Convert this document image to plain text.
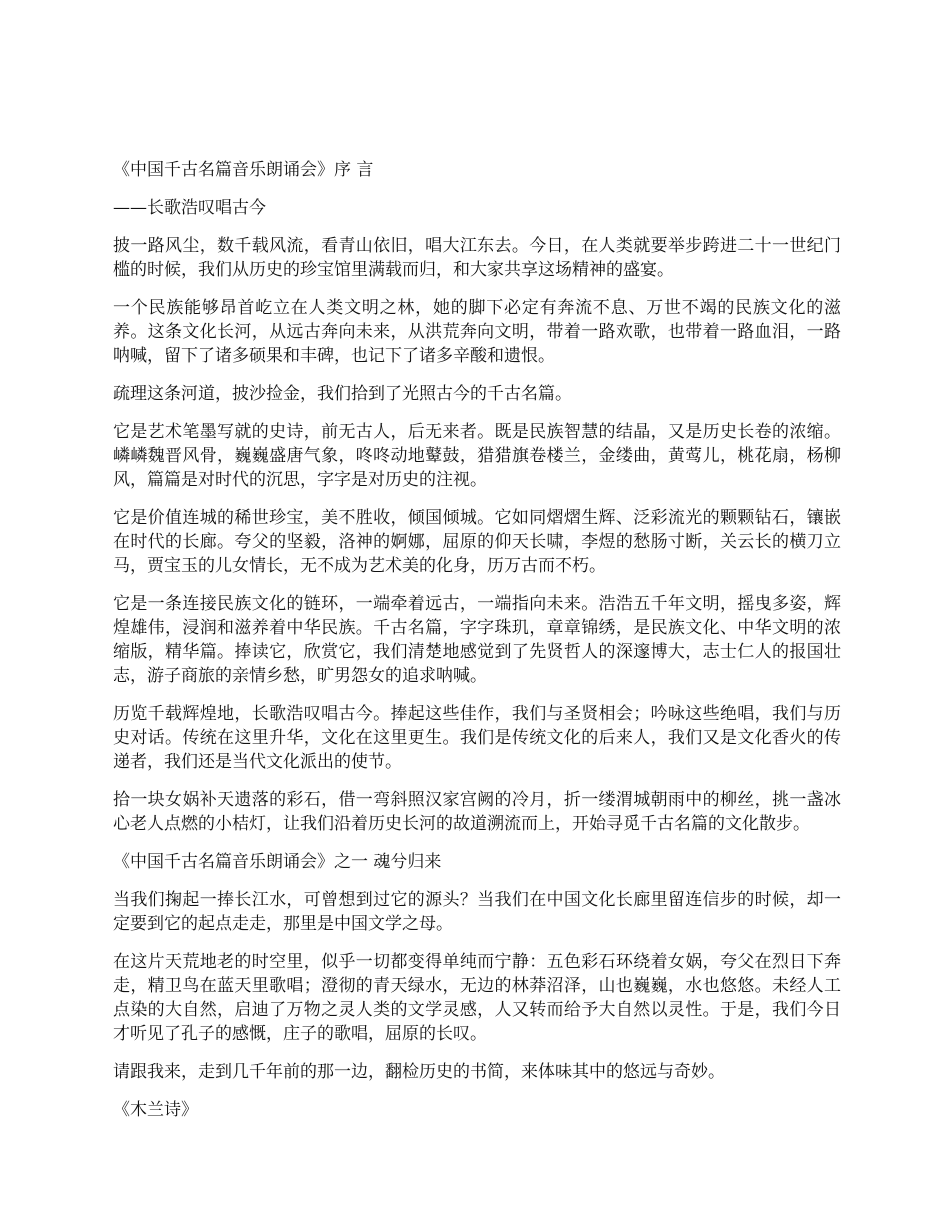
《中国千古名篇音乐朗诵会》序 言

——长歌浩叹唱古今

披一路风尘，数千载风流，看青山依旧，唱大江东去。今日，在人类就要举步跨进二十一世纪门槛的时候，我们从历史的珍宝馆里满载而归，和大家共享这场精神的盛宴。

一个民族能够昂首屹立在人类文明之林，她的脚下必定有奔流不息、万世不竭的民族文化的滋养。这条文化长河，从远古奔向未来，从洪荒奔向文明，带着一路欢歌，也带着一路血泪，一路呐喊，留下了诸多硕果和丰碑，也记下了诸多辛酸和遗恨。

疏理这条河道，披沙捡金，我们拾到了光照古今的千古名篇。

它是艺术笔墨写就的史诗，前无古人，后无来者。既是民族智慧的结晶，又是历史长卷的浓缩。嶙嶙魏晋风骨，巍巍盛唐气象，咚咚动地鼙鼓，猎猎旗卷楼兰，金缕曲，黄莺儿，桃花扇，杨柳风，篇篇是对时代的沉思，字字是对历史的注视。

它是价值连城的稀世珍宝，美不胜收，倾国倾城。它如同熠熠生辉、泛彩流光的颗颗钻石，镶嵌在时代的长廊。夸父的坚毅，洛神的婀娜，屈原的仰天长啸，李煜的愁肠寸断，关云长的横刀立马，贾宝玉的儿女情长，无不成为艺术美的化身，历万古而不朽。

它是一条连接民族文化的链环，一端牵着远古，一端指向未来。浩浩五千年文明，摇曳多姿，辉煌雄伟，浸润和滋养着中华民族。千古名篇，字字珠玑，章章锦绣，是民族文化、中华文明的浓缩版，精华篇。捧读它，欣赏它，我们清楚地感觉到了先贤哲人的深邃博大，志士仁人的报国壮志，游子商旅的亲情乡愁，旷男怨女的追求呐喊。

历览千载辉煌地，长歌浩叹唱古今。捧起这些佳作，我们与圣贤相会；吟咏这些绝唱，我们与历史对话。传统在这里升华，文化在这里更生。我们是传统文化的后来人，我们又是文化香火的传递者，我们还是当代文化派出的使节。

拾一块女娲补天遗落的彩石，借一弯斜照汉家宫阙的冷月，折一缕渭城朝雨中的柳丝，挑一盏冰心老人点燃的小桔灯，让我们沿着历史长河的故道溯流而上，开始寻觅千古名篇的文化散步。

《中国千古名篇音乐朗诵会》之一 魂兮归来

当我们掬起一捧长江水，可曾想到过它的源头？当我们在中国文化长廊里留连信步的时候，却一定要到它的起点走走，那里是中国文学之母。

在这片天荒地老的时空里，似乎一切都变得单纯而宁静：五色彩石环绕着女娲，夸父在烈日下奔走，精卫鸟在蓝天里歌唱；澄彻的青天绿水，无边的林莽沼泽，山也巍巍，水也悠悠。未经人工点染的大自然，启迪了万物之灵人类的文学灵感，人又转而给予大自然以灵性。于是，我们今日才听见了孔子的感慨，庄子的歌唱，屈原的长叹。

请跟我来，走到几千年前的那一边，翻检历史的书简，来体味其中的悠远与奇妙。

《木兰诗》
